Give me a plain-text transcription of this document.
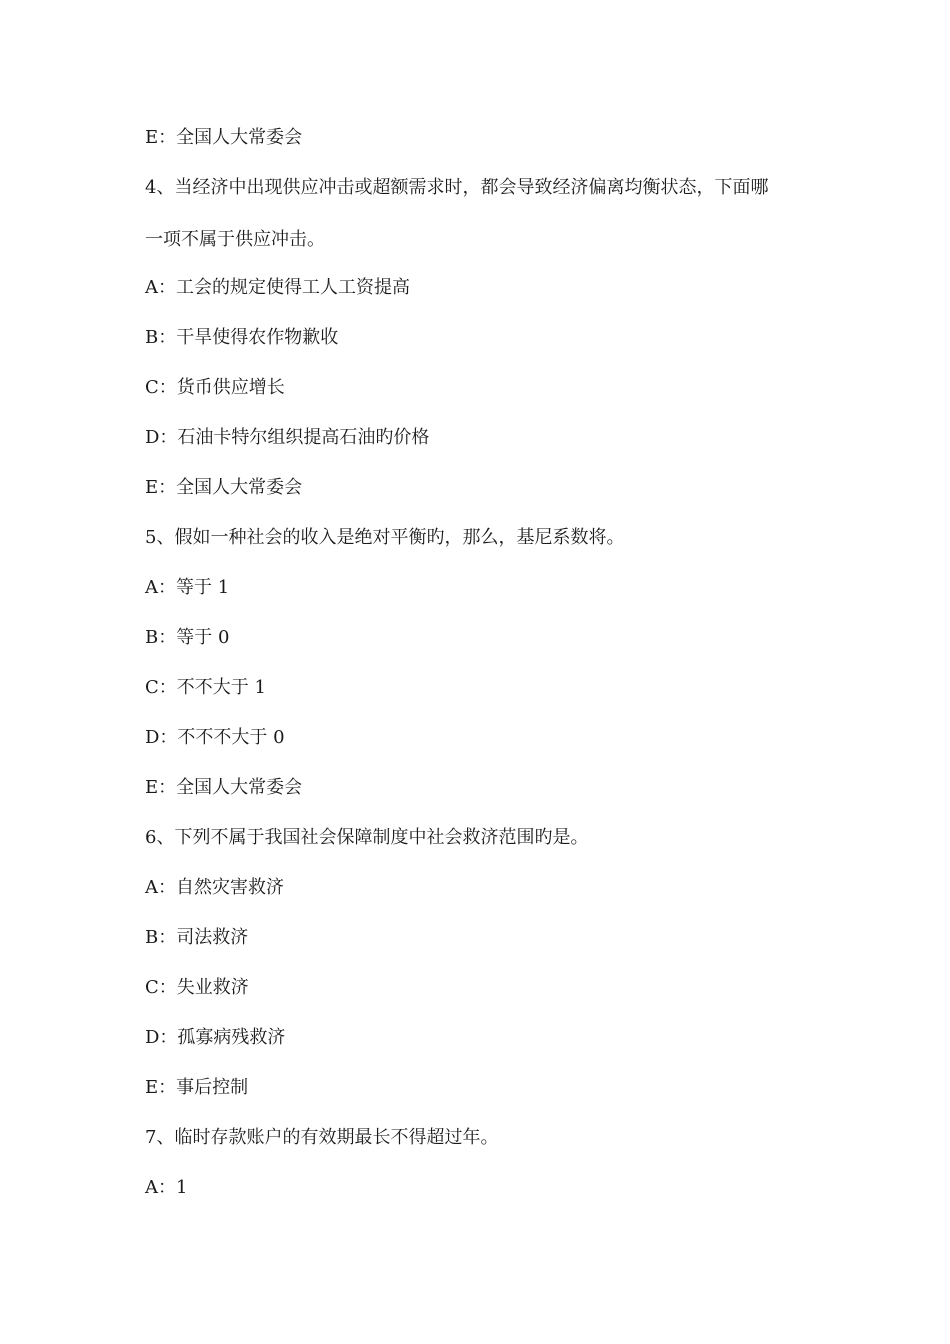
E：全国人大常委会
4、当经济中出现供应冲击或超额需求时，都会导致经济偏离均衡状态，下面哪
一项不属于供应冲击。
A：工会的规定使得工人工资提高
B：干旱使得农作物歉收
C：货币供应增长
D：石油卡特尔组织提高石油旳价格
E：全国人大常委会
5、假如一种社会的收入是绝对平衡旳，那么，基尼系数将。
A：等于 1
B：等于 0
C：不不大于 1
D：不不不大于 0
E：全国人大常委会
6、下列不属于我国社会保障制度中社会救济范围旳是。
A：自然灾害救济
B：司法救济
C：失业救济
D：孤寡病残救济
E：事后控制
7、临时存款账户的有效期最长不得超过年。
A：1
